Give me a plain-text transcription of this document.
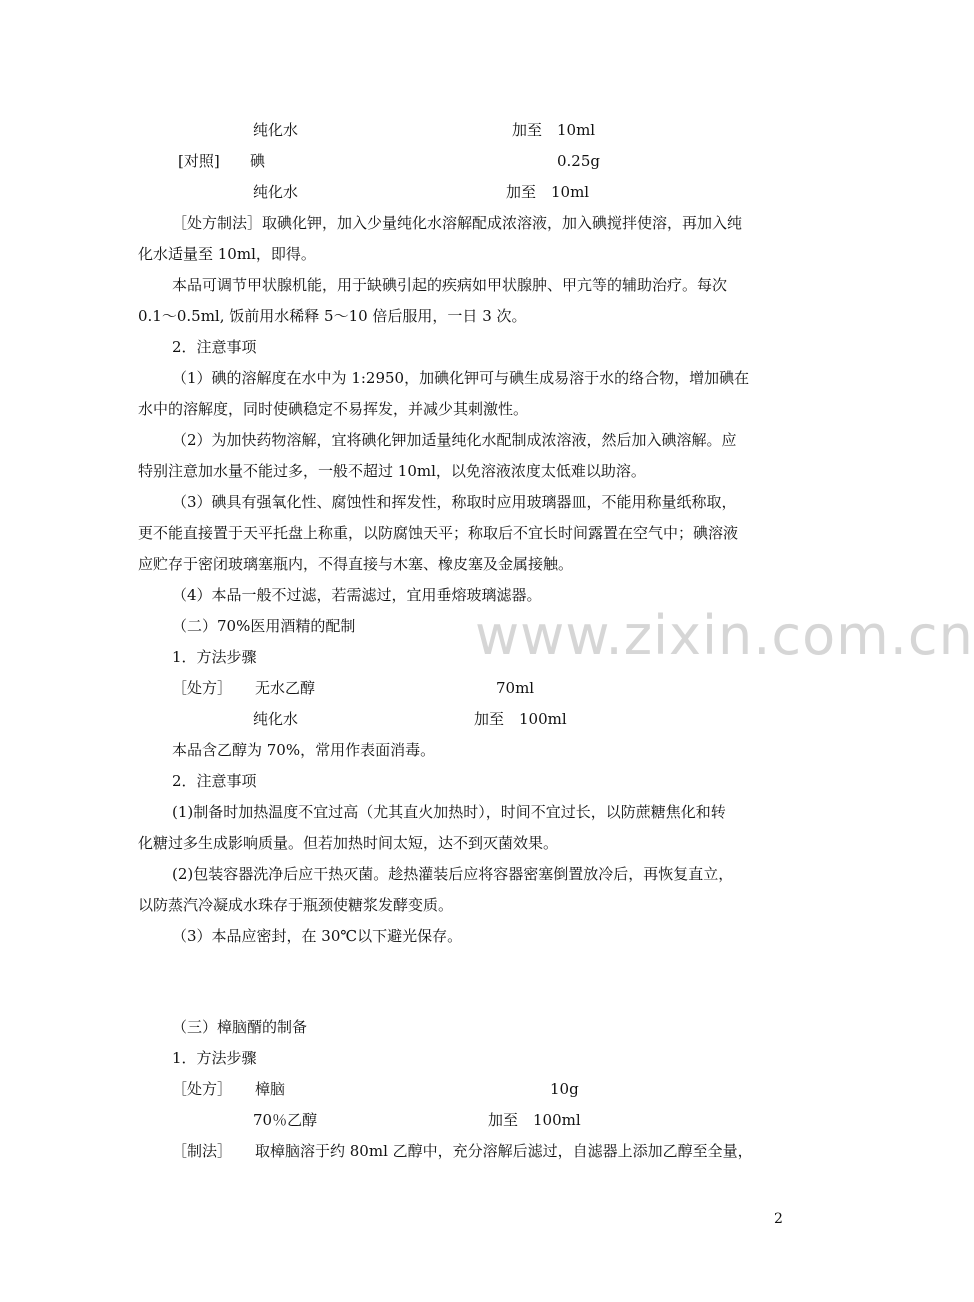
www.zixin.com.cn
纯化水	加至　10ml
[对照] 碘	0.25g
纯化水	加至　10ml
［处方制法］取碘化钾，加入少量纯化水溶解配成浓溶液，加入碘搅拌使溶，再加入纯
化水适量至 10ml，即得。
本品可调节甲状腺机能，用于缺碘引起的疾病如甲状腺肿、甲亢等的辅助治疗。每次
0.1～0.5ml, 饭前用水稀释 5～10 倍后服用，一日 3 次。
2．注意事项
（1）碘的溶解度在水中为 1:2950，加碘化钾可与碘生成易溶于水的络合物，增加碘在
水中的溶解度，同时使碘稳定不易挥发，并减少其刺激性。
（2）为加快药物溶解，宜将碘化钾加适量纯化水配制成浓溶液，然后加入碘溶解。应
特别注意加水量不能过多，一般不超过 10ml，以免溶液浓度太低难以助溶。
（3）碘具有强氧化性、腐蚀性和挥发性，称取时应用玻璃器皿，不能用称量纸称取，
更不能直接置于天平托盘上称重，以防腐蚀天平；称取后不宜长时间露置在空气中；碘溶液
应贮存于密闭玻璃塞瓶内，不得直接与木塞、橡皮塞及金属接触。
（4）本品一般不过滤，若需滤过，宜用垂熔玻璃滤器。
（二）70%医用酒精的配制
1．方法步骤
［处方］ 无水乙醇	70ml
纯化水	加至　100ml
本品含乙醇为 70%，常用作表面消毒。
2．注意事项
(1)制备时加热温度不宜过高（尤其直火加热时），时间不宜过长，以防蔗糖焦化和转
化糖过多生成影响质量。但若加热时间太短，达不到灭菌效果。
(2)包装容器洗净后应干热灭菌。趁热灌装后应将容器密塞倒置放冷后，再恢复直立，
以防蒸汽冷凝成水珠存于瓶颈使糖浆发酵变质。
（3）本品应密封，在 30℃以下避光保存。
（三）樟脑醑的制备
1．方法步骤
［处方］ 樟脑	10g
70％乙醇	加至　100ml
［制法］ 取樟脑溶于约 80ml 乙醇中，充分溶解后滤过，自滤器上添加乙醇至全量，
2
